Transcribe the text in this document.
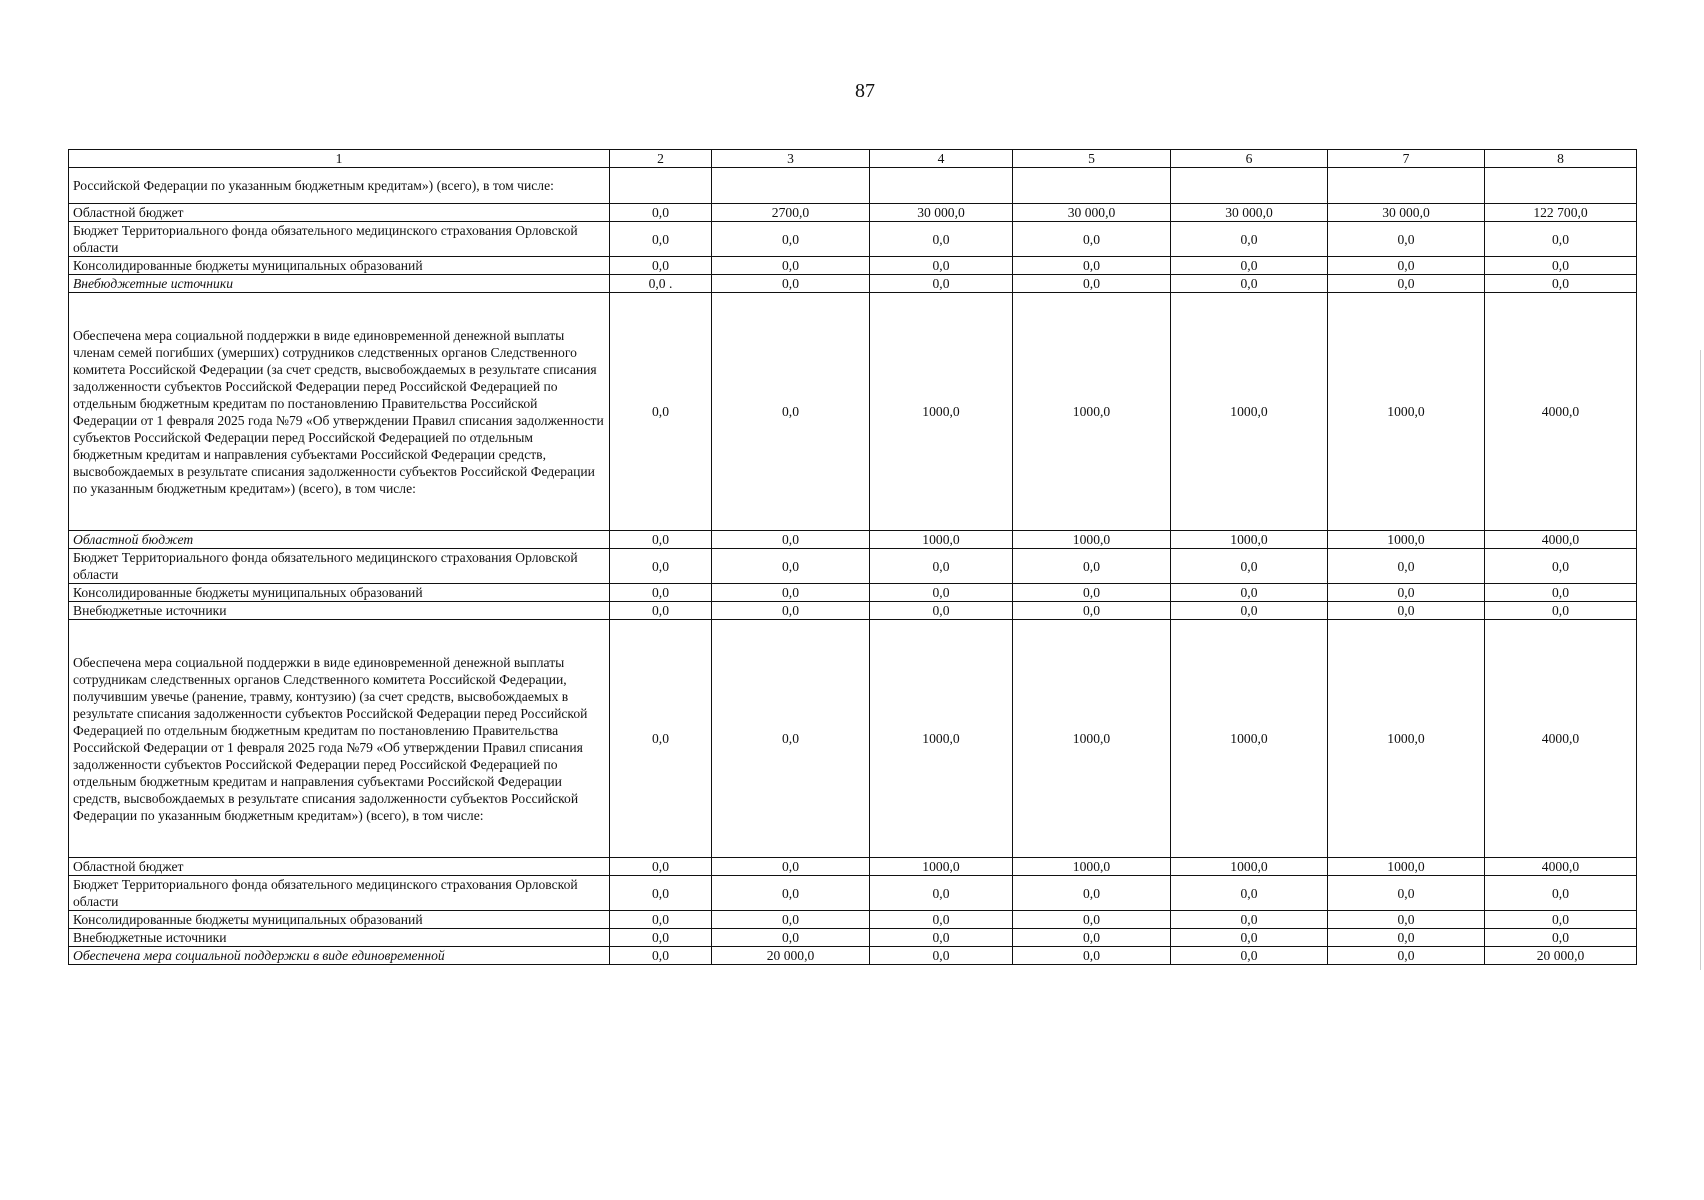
87
1	2	3	4	5	6	7	8
Российской Федерации по указанным бюджетным кредитам») (всего), в том числе:							
Областной бюджет	0,0	2700,0	30 000,0	30 000,0	30 000,0	30 000,0	122 700,0
Бюджет Территориального фонда обязательного медицинского страхования Орловской области	0,0	0,0	0,0	0,0	0,0	0,0	0,0
Консолидированные бюджеты муниципальных образований	0,0	0,0	0,0	0,0	0,0	0,0	0,0
Внебюджетные источники	0,0 .	0,0	0,0	0,0	0,0	0,0	0,0
Обеспечена мера социальной поддержки в виде единовременной денежной выплаты членам семей погибших (умерших) сотрудников следственных органов Следственного комитета Российской Федерации (за счет средств, высвобождаемых в результате списания задолженности субъектов Российской Федерации перед Российской Федерацией по отдельным бюджетным кредитам по постановлению Правительства Российской Федерации от 1 февраля 2025 года №79 «Об утверждении Правил списания задолженности субъектов Российской Федерации перед Российской Федерацией по отдельным бюджетным кредитам и направления субъектами Российской Федерации средств, высвобождаемых в результате списания задолженности субъектов Российской Федерации по указанным бюджетным кредитам») (всего), в том числе:	0,0	0,0	1000,0	1000,0	1000,0	1000,0	4000,0
Областной бюджет	0,0	0,0	1000,0	1000,0	1000,0	1000,0	4000,0
Бюджет Территориального фонда обязательного медицинского страхования Орловской области	0,0	0,0	0,0	0,0	0,0	0,0	0,0
Консолидированные бюджеты муниципальных образований	0,0	0,0	0,0	0,0	0,0	0,0	0,0
Внебюджетные источники	0,0	0,0	0,0	0,0	0,0	0,0	0,0
Обеспечена мера социальной поддержки в виде единовременной денежной выплаты сотрудникам следственных органов Следственного комитета Российской Федерации, получившим увечье (ранение, травму, контузию) (за счет средств, высвобождаемых в результате списания задолженности субъектов Российской Федерации перед Российской Федерацией по отдельным бюджетным кредитам по постановлению Правительства Российской Федерации от 1 февраля 2025 года №79 «Об утверждении Правил списания задолженности субъектов Российской Федерации перед Российской Федерацией по отдельным бюджетным кредитам и направления субъектами Российской Федерации средств, высвобождаемых в результате списания задолженности субъектов Российской Федерации по указанным бюджетным кредитам») (всего), в том числе:	0,0	0,0	1000,0	1000,0	1000,0	1000,0	4000,0
Областной бюджет	0,0	0,0	1000,0	1000,0	1000,0	1000,0	4000,0
Бюджет Территориального фонда обязательного медицинского страхования Орловской области	0,0	0,0	0,0	0,0	0,0	0,0	0,0
Консолидированные бюджеты муниципальных образований	0,0	0,0	0,0	0,0	0,0	0,0	0,0
Внебюджетные источники	0,0	0,0	0,0	0,0	0,0	0,0	0,0
Обеспечена мера социальной поддержки в виде единовременной	0,0	20 000,0	0,0	0,0	0,0	0,0	20 000,0
